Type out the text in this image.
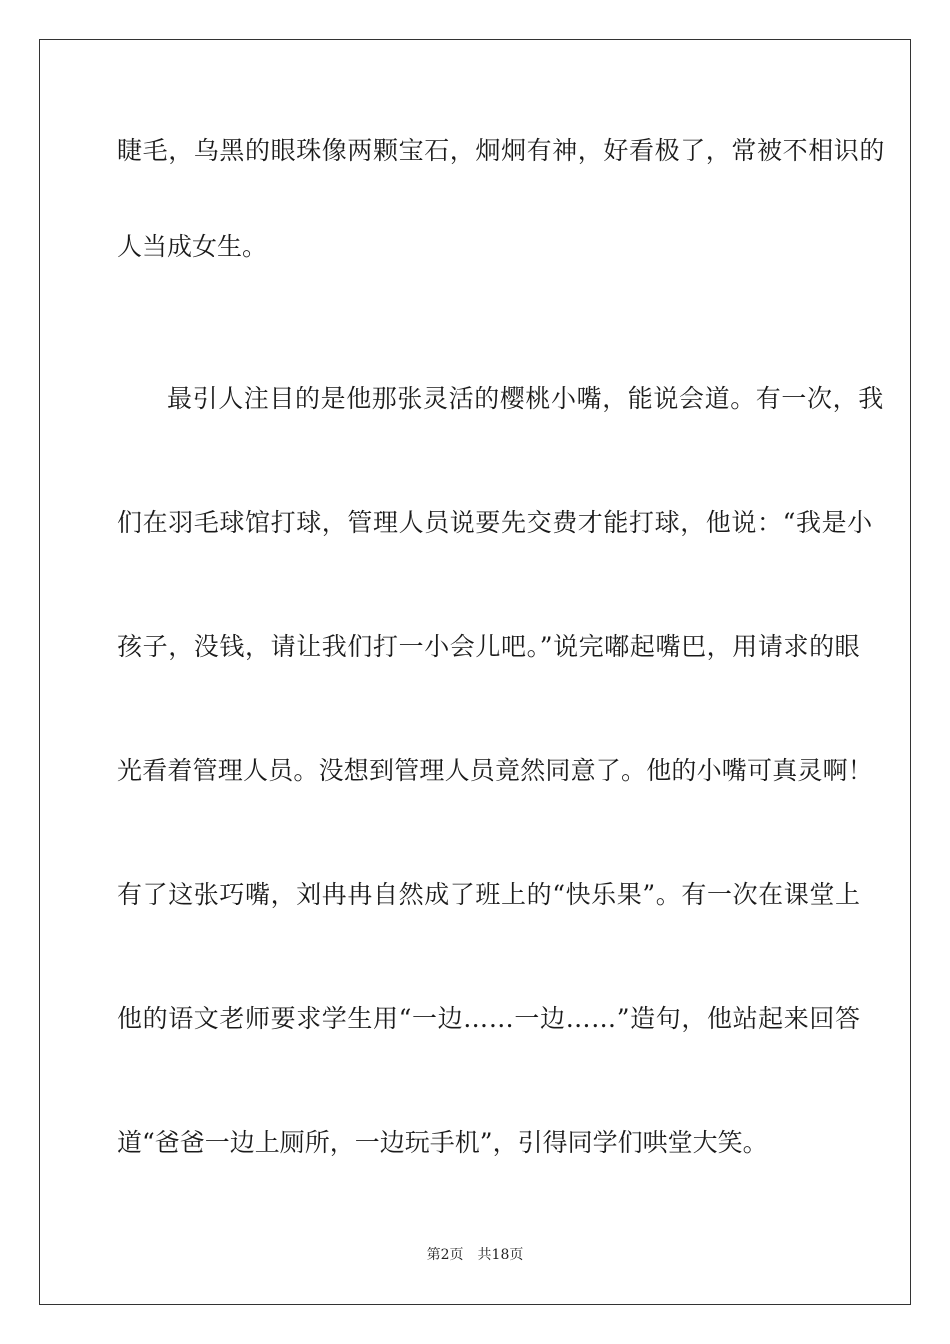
睫毛，乌黑的眼珠像两颗宝石，炯炯有神，好看极了，常被不相识的
人当成女生。
最引人注目的是他那张灵活的樱桃小嘴，能说会道。有一次，我
们在羽毛球馆打球，管理人员说要先交费才能打球，他说：“我是小
孩子，没钱，请让我们打一小会儿吧。”说完嘟起嘴巴，用请求的眼
光看着管理人员。没想到管理人员竟然同意了。他的小嘴可真灵啊！
有了这张巧嘴，刘冉冉自然成了班上的“快乐果”。有一次在课堂上
他的语文老师要求学生用“一边……一边……”造句，他站起来回答
道“爸爸一边上厕所，一边玩手机”，引得同学们哄堂大笑。
第2页 共18页
